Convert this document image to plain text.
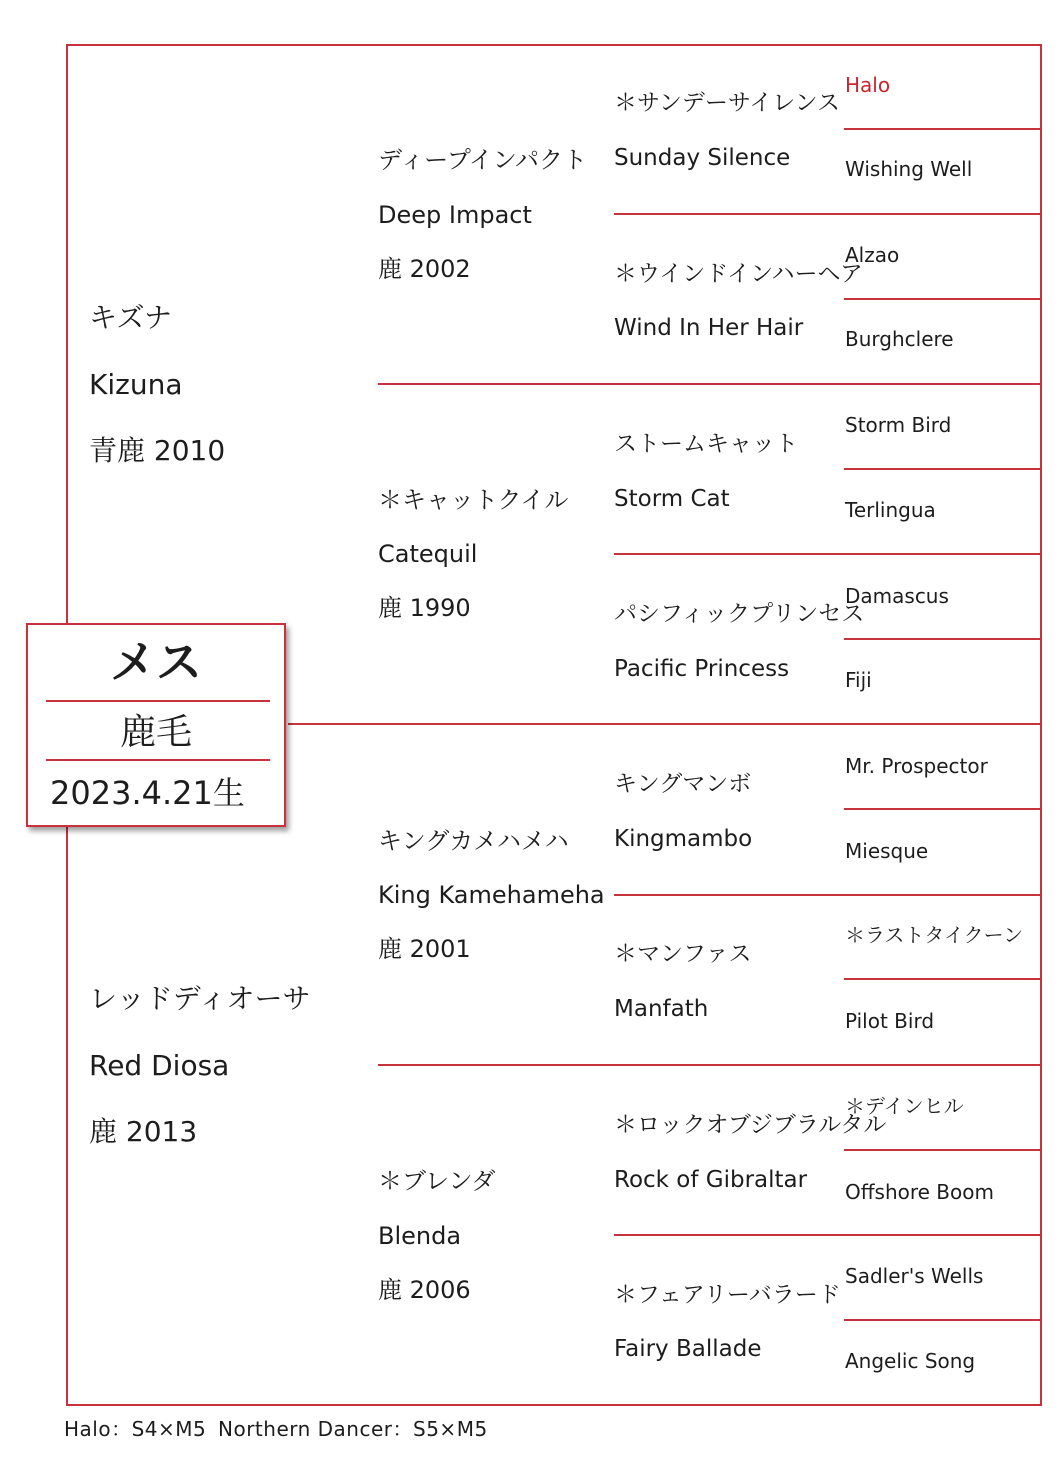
キズナ
Kizuna
青鹿 2010
レッドディオーサ
Red Diosa
鹿 2013
ディープインパクト
Deep Impact
鹿 2002
＊キャットクイル
Catequil
鹿 1990
キングカメハメハ
King Kamehameha
鹿 2001
＊ブレンダ
Blenda
鹿 2006
＊サンデーサイレンス
Sunday Silence
＊ウインドインハーヘア
Wind In Her Hair
ストームキャット
Storm Cat
パシフィックプリンセス
Pacific Princess
キングマンボ
Kingmambo
＊マンファス
Manfath
＊ロックオブジブラルタル
Rock of Gibraltar
＊フェアリーバラード
Fairy Ballade
Halo
Wishing Well
Alzao
Burghclere
Storm Bird
Terlingua
Damascus
Fiji
Mr. Prospector
Miesque
＊ラストタイクーン
Pilot Bird
＊デインヒル
Offshore Boom
Sadler's Wells
Angelic Song
メス
鹿毛
2023.4.21生
Halo：S4×M5 Northern Dancer：S5×M5
